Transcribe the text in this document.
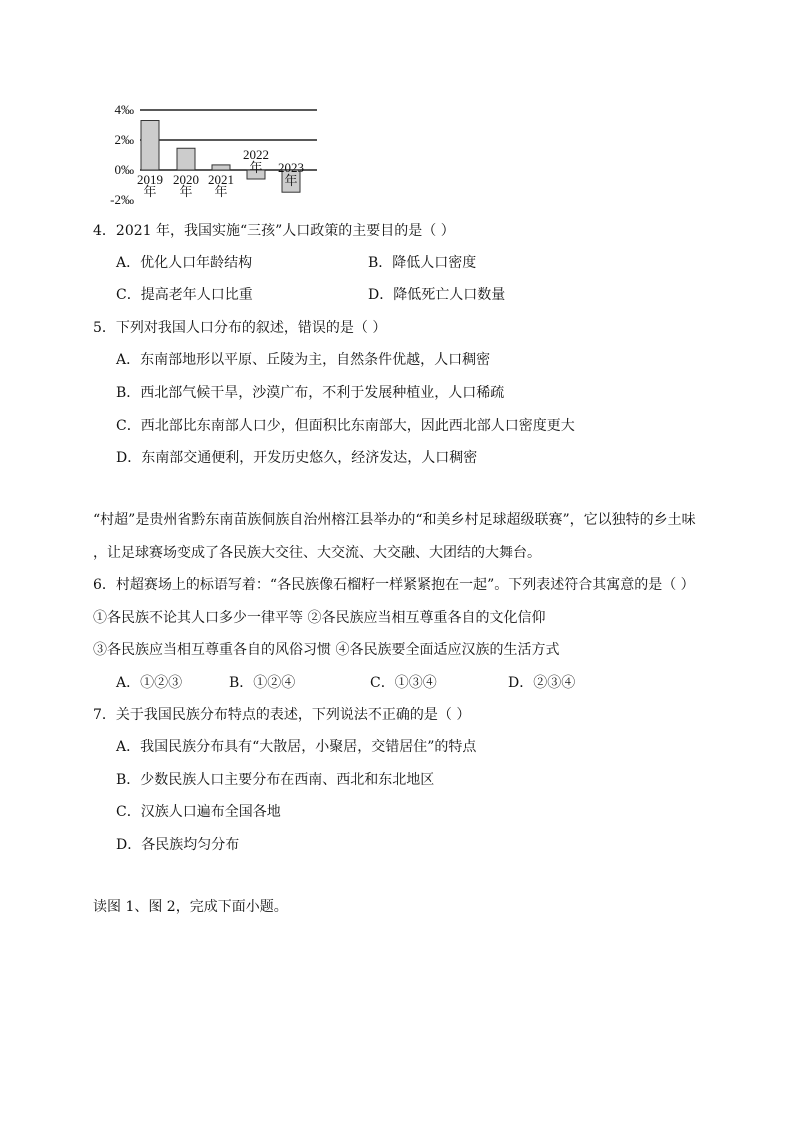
4‰
2‰
0‰
-2‰
2019
年
2020
年
2021
年
2022
年 2023
年
4．2021 年，我国实施“三孩”人口政策的主要目的是（ ）
A．优化人口年龄结构	B．降低人口密度
C．提高老年人口比重	D．降低死亡人口数量
5．下列对我国人口分布的叙述，错误的是（ ）
A．东南部地形以平原、丘陵为主，自然条件优越，人口稠密
B．西北部气候干旱，沙漠广布，不利于发展种植业，人口稀疏
C．西北部比东南部人口少，但面积比东南部大，因此西北部人口密度更大
D．东南部交通便利，开发历史悠久，经济发达，人口稠密
“村超”是贵州省黔东南苗族侗族自治州榕江县举办的“和美乡村足球超级联赛”，它以独特的乡土味
，让足球赛场变成了各民族大交往、大交流、大交融、大团结的大舞台。
6．村超赛场上的标语写着：“各民族像石榴籽一样紧紧抱在一起”。下列表述符合其寓意的是（ ）
①各民族不论其人口多少一律平等 ②各民族应当相互尊重各自的文化信仰
③各民族应当相互尊重各自的风俗习惯 ④各民族要全面适应汉族的生活方式
A．①②③	B．①②④	C．①③④	D．②③④
7．关于我国民族分布特点的表述，下列说法不正确的是（ ）
A．我国民族分布具有“大散居，小聚居，交错居住”的特点
B．少数民族人口主要分布在西南、西北和东北地区
C．汉族人口遍布全国各地
D．各民族均匀分布
读图 1、图 2，完成下面小题。
